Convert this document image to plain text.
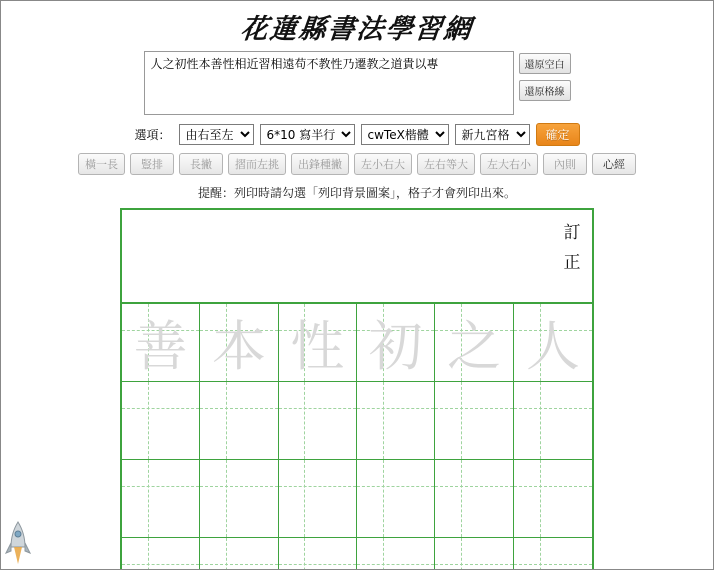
花蓮縣書法學習網
人之初性本善性相近習相遠苟不教性乃遷教之道貴以專
還原空白
還原格線
選項：
由右至左
6*10 寫半行
cwTeX楷體
新九宮格	確定
橫一長	豎排	長撇	摺而左挑	出鋒種撇	左小右大	左右等大	左大右小	內則	心經
提醒：列印時請勾選「列印背景圖案」，格子才會列印出來。
訂
正
善 本 性 初 之 人
